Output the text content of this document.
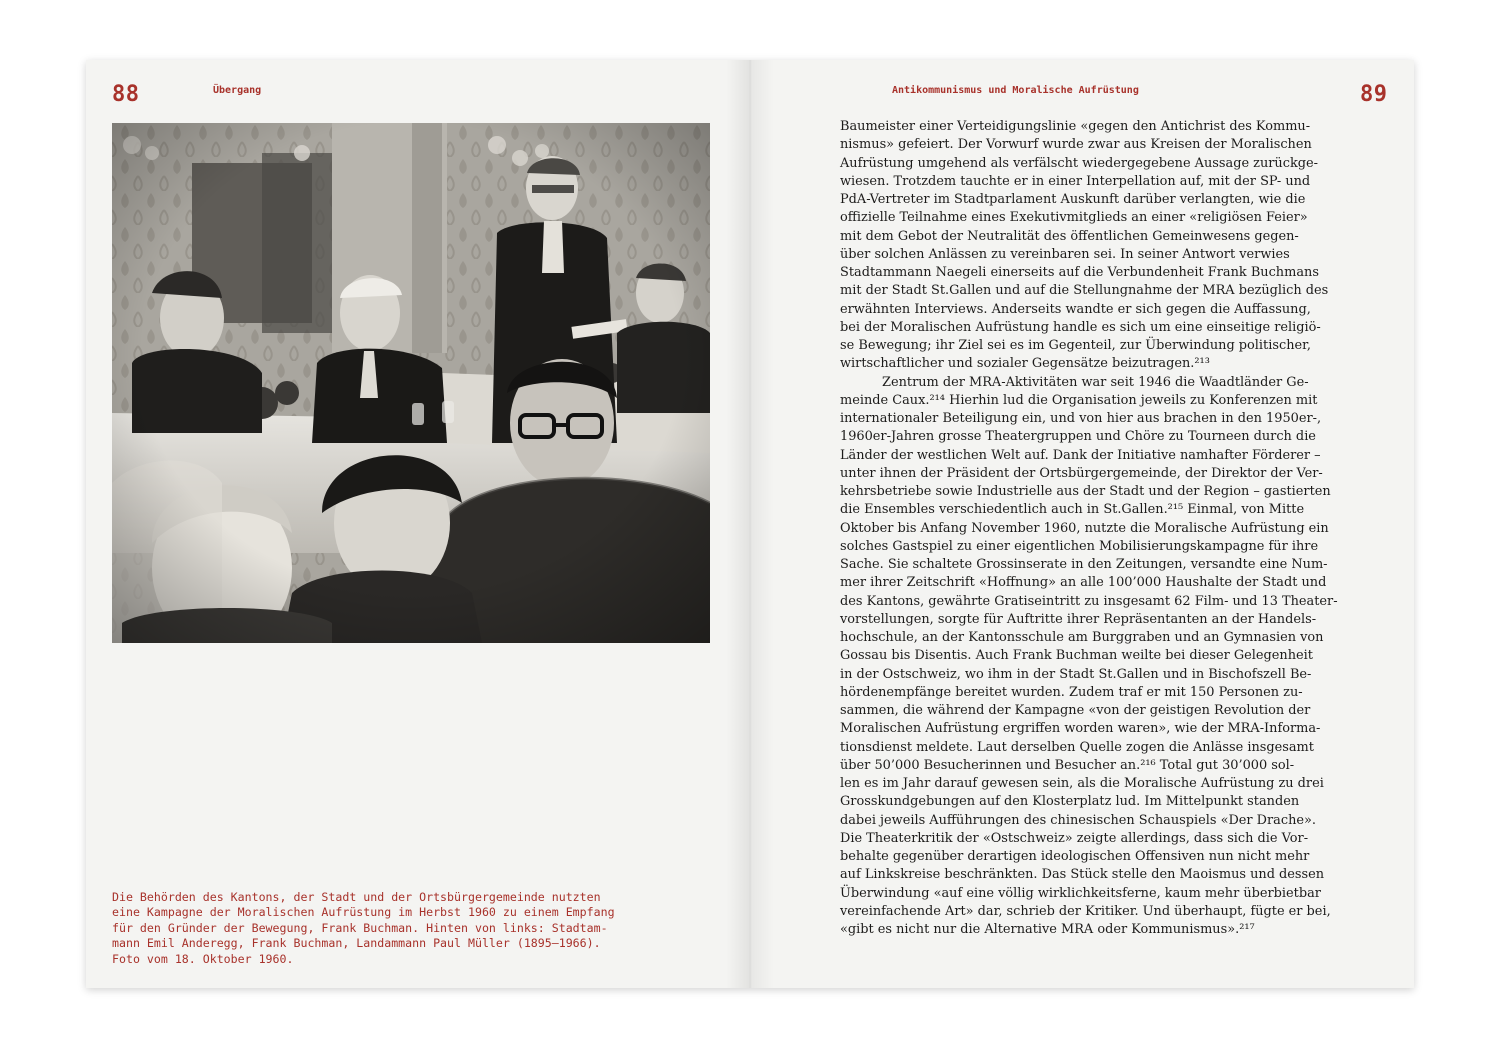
88	Übergang

Die Behörden des Kantons, der Stadt und der Ortsbürgergemeinde nutzten
eine Kampagne der Moralischen Aufrüstung im Herbst 1960 zu einem Empfang
für den Gründer der Bewegung, Frank Buchman. Hinten von links: Stadtam-
mann Emil Anderegg, Frank Buchman, Landammann Paul Müller (1895–1966).
Foto vom 18. Oktober 1960.

Antikommunismus und Moralische Aufrüstung	89

Baumeister einer Verteidigungslinie «gegen den Antichrist des Kommu-
nismus» gefeiert. Der Vorwurf wurde zwar aus Kreisen der Moralischen
Aufrüstung umgehend als verfälscht wiedergegebene Aussage zurückge-
wiesen. Trotzdem tauchte er in einer Interpellation auf, mit der SP- und
PdA-Vertreter im Stadtparlament Auskunft darüber verlangten, wie die
offizielle Teilnahme eines Exekutivmitglieds an einer «religiösen Feier»
mit dem Gebot der Neutralität des öffentlichen Gemeinwesens gegen-
über solchen Anlässen zu vereinbaren sei. In seiner Antwort verwies
Stadtammann Naegeli einerseits auf die Verbundenheit Frank Buchmans
mit der Stadt St.Gallen und auf die Stellungnahme der MRA bezüglich des
erwähnten Interviews. Anderseits wandte er sich gegen die Auffassung,
bei der Moralischen Aufrüstung handle es sich um eine einseitige religiö-
se Bewegung; ihr Ziel sei es im Gegenteil, zur Überwindung politischer,
wirtschaftlicher und sozialer Gegensätze beizutragen.²¹³
Zentrum der MRA-Aktivitäten war seit 1946 die Waadtländer Ge-
meinde Caux.²¹⁴ Hierhin lud die Organisation jeweils zu Konferenzen mit
internationaler Beteiligung ein, und von hier aus brachen in den 1950er-,
1960er-Jahren grosse Theatergruppen und Chöre zu Tourneen durch die
Länder der westlichen Welt auf. Dank der Initiative namhafter Förderer –
unter ihnen der Präsident der Ortsbürgergemeinde, der Direktor der Ver-
kehrsbetriebe sowie Industrielle aus der Stadt und der Region – gastierten
die Ensembles verschiedentlich auch in St.Gallen.²¹⁵ Einmal, von Mitte
Oktober bis Anfang November 1960, nutzte die Moralische Aufrüstung ein
solches Gastspiel zu einer eigentlichen Mobilisierungskampagne für ihre
Sache. Sie schaltete Grossinserate in den Zeitungen, versandte eine Num-
mer ihrer Zeitschrift «Hoffnung» an alle 100’000 Haushalte der Stadt und
des Kantons, gewährte Gratiseintritt zu insgesamt 62 Film- und 13 Theater-
vorstellungen, sorgte für Auftritte ihrer Repräsentanten an der Handels-
hochschule, an der Kantonsschule am Burggraben und an Gymnasien von
Gossau bis Disentis. Auch Frank Buchman weilte bei dieser Gelegenheit
in der Ostschweiz, wo ihm in der Stadt St.Gallen und in Bischofszell Be-
hördenempfänge bereitet wurden. Zudem traf er mit 150 Personen zu-
sammen, die während der Kampagne «von der geistigen Revolution der
Moralischen Aufrüstung ergriffen worden waren», wie der MRA-Informa-
tionsdienst meldete. Laut derselben Quelle zogen die Anlässe insgesamt
über 50’000 Besucherinnen und Besucher an.²¹⁶ Total gut 30’000 sol-
len es im Jahr darauf gewesen sein, als die Moralische Aufrüstung zu drei
Grosskundgebungen auf den Klosterplatz lud. Im Mittelpunkt standen
dabei jeweils Aufführungen des chinesischen Schauspiels «Der Drache».
Die Theaterkritik der «Ostschweiz» zeigte allerdings, dass sich die Vor-
behalte gegenüber derartigen ideologischen Offensiven nun nicht mehr
auf Linkskreise beschränkten. Das Stück stelle den Maoismus und dessen
Überwindung «auf eine völlig wirklichkeitsferne, kaum mehr überbietbar
vereinfachende Art» dar, schrieb der Kritiker. Und überhaupt, fügte er bei,
«gibt es nicht nur die Alternative MRA oder Kommunismus».²¹⁷
